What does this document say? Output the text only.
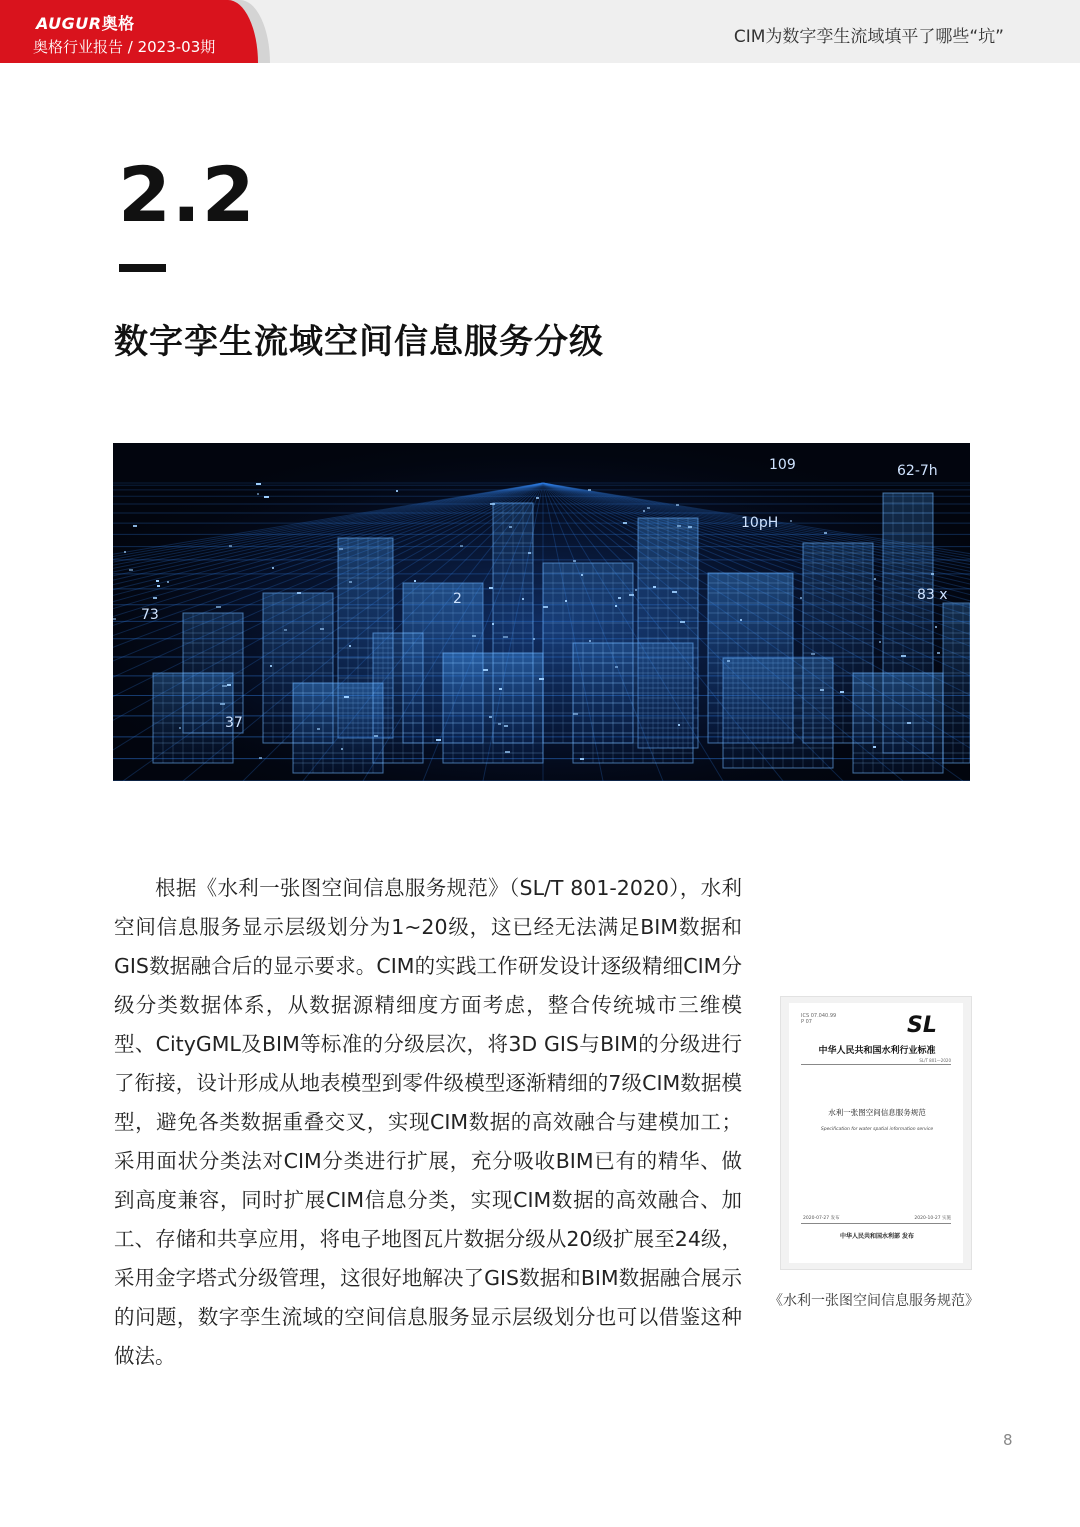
AUGUR奥格
奥格行业报告 / 2023-03期	CIM为数字孪生流域填平了哪些“坑”
2.2
数字孪生流域空间信息服务分级
109	62-7h
10pH
73
2	83 x
37

根据《水利一张图空间信息服务规范》（SL/T 801-2020），水利空间信息服务显示层级划分为1~20级，这已经无法满足BIM数据和GIS数据融合后的显示要求。CIM的实践工作研发设计逐级精细CIM分级分类数据体系，从数据源精细度方面考虑，整合传统城市三维模型、CityGML及BIM等标准的分级层次，将3D GIS与BIM的分级进行了衔接，设计形成从地表模型到零件级模型逐渐精细的7级CIM数据模型，避免各类数据重叠交叉，实现CIM数据的高效融合与建模加工；采用面状分类法对CIM分类进行扩展，充分吸收BIM已有的精华、做到高度兼容，同时扩展CIM信息分类，实现CIM数据的高效融合、加工、存储和共享应用，将电子地图瓦片数据分级从20级扩展至24级，采用金字塔式分级管理，这很好地解决了GIS数据和BIM数据融合展示的问题，数字孪生流域的空间信息服务显示层级划分也可以借鉴这种做法。

ICS 07.040.99
P 07	SL
中华人民共和国水利行业标准
SL/T 801—2020
水利一张图空间信息服务规范
Specification for water spatial information service
2020-07-27 发布	2020-10-27 实施
中华人民共和国水利部 发布
《水利一张图空间信息服务规范》
8
